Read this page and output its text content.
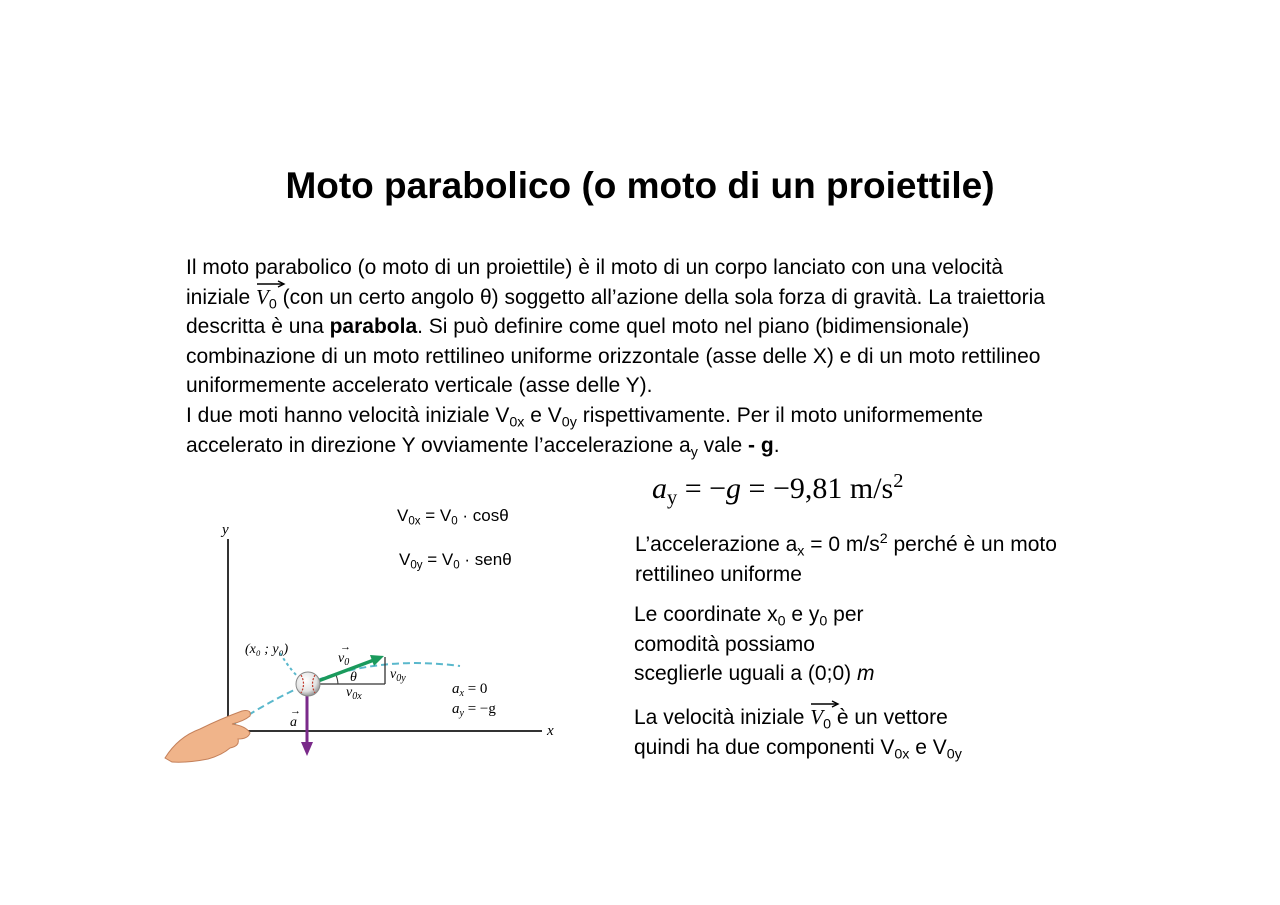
Moto parabolico (o moto di un proiettile)
Il moto parabolico (o moto di un proiettile) è il moto di un corpo lanciato con una velocità
iniziale
$V_0$ (con un certo angolo θ) soggetto all’azione della sola forza di gravità. La traiettoria
descritta è una parabola. Si può definire come quel moto nel piano (bidimensionale)
combinazione di un moto rettilineo uniforme orizzontale (asse delle X) e di un moto rettilineo
uniformemente accelerato verticale (asse delle Y).
I due moti hanno velocità iniziale $V_{0x}$ e $V_{0y}$ rispettivamente. Per il moto uniformemente
accelerato in direzione Y ovviamente l’accelerazione $a_y$ vale - g.
$V_{0x} = V_0 \cdot \cos\theta$
$V_{0y} = V_0 \cdot sen\theta$
$a_y = -g = -9,81$ $m/s^2$
L’accelerazione $a_x = 0$ $m/s^2$ perché è un moto
rettilineo uniforme
Le coordinate $x_0$ e $y_0$ per
comodità possiamo
sceglierle uguali a (0;0) m
La velocità iniziale
$V_0$ è un vettore
quindi ha due componenti $V_{0x}$ e $V_{0y}$
y
x
(x₀ ; y₀)
$v_0$
→
θ
$v_{0x}$
$v_{0y}$
a
→
$a_x = 0$
$a_y = -g$
